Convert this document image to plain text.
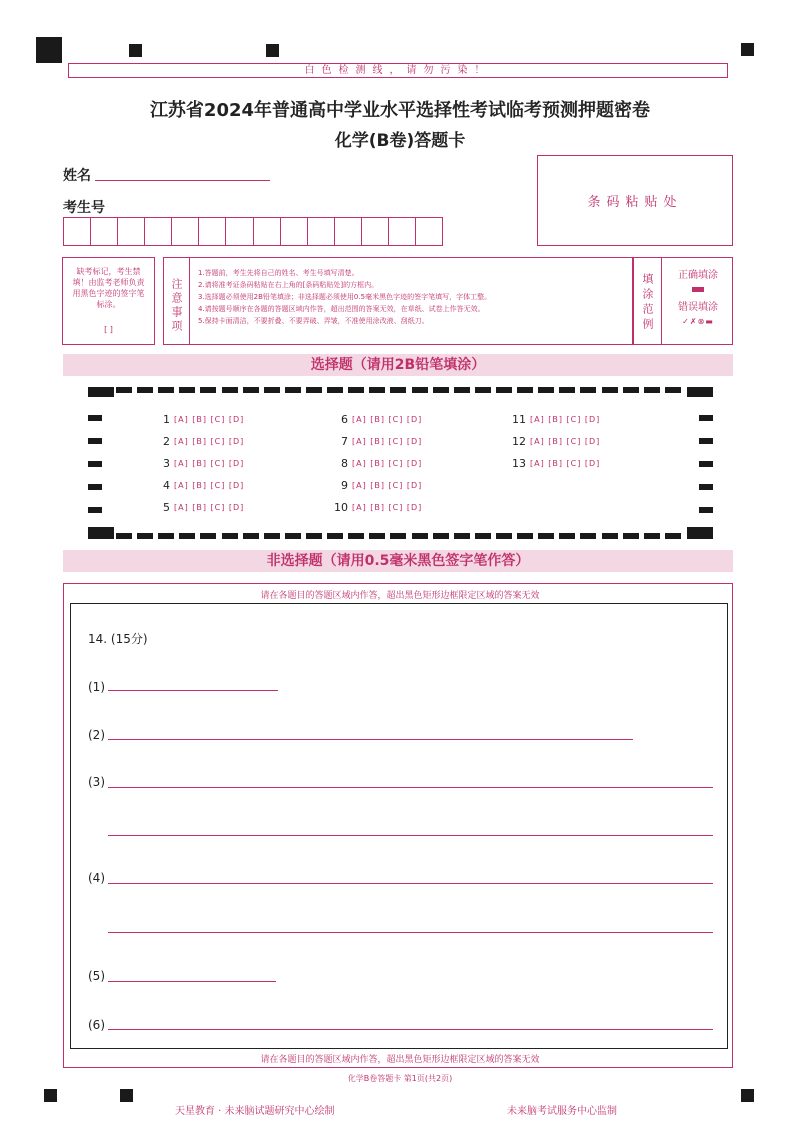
白色检测线，请勿污染！
江苏省2024年普通高中学业水平选择性考试临考预测押题密卷
化学(B卷)答题卡
姓名
考生号	条码粘贴处
缺考标记，考生禁填！由监考老师负责用黑色字迹的签字笔标涂。
[ ]	注意事项
1.答题前，考生先将自己的姓名、考生号填写清楚。
2.请将准考证条码粘贴在右上角的[条码粘贴处]的方框内。
3.选择题必须使用2B铅笔填涂；非选择题必须使用0.5毫米黑色字迹的签字笔填写，字体工整。
4.请按题号顺序在各题的答题区域内作答，超出范围的答案无效，在草纸、试卷上作答无效。
5.保持卡面清洁，不要折叠、不要弄破、弄皱，不准使用涂改液、刮纸刀。	填涂范例	正确填涂
错误填涂
✓✗⊗▬
选择题（请用2B铅笔填涂）
1 [A] [B] [C] [D]
2 [A] [B] [C] [D]
3 [A] [B] [C] [D]
4 [A] [B] [C] [D]
5 [A] [B] [C] [D]
6 [A] [B] [C] [D]
7 [A] [B] [C] [D]
8 [A] [B] [C] [D]
9 [A] [B] [C] [D]
10 [A] [B] [C] [D]
11 [A] [B] [C] [D]
12 [A] [B] [C] [D]
13 [A] [B] [C] [D]
非选择题（请用0.5毫米黑色签字笔作答）
请在各题目的答题区域内作答，超出黑色矩形边框限定区域的答案无效
14. (15分)
(1)
(2)
(3)
(4)
(5)
(6)
请在各题目的答题区域内作答，超出黑色矩形边框限定区域的答案无效
化学B卷答题卡 第1页(共2页)
天星教育 · 未来脑试题研究中心绘制	未来脑考试服务中心监制
